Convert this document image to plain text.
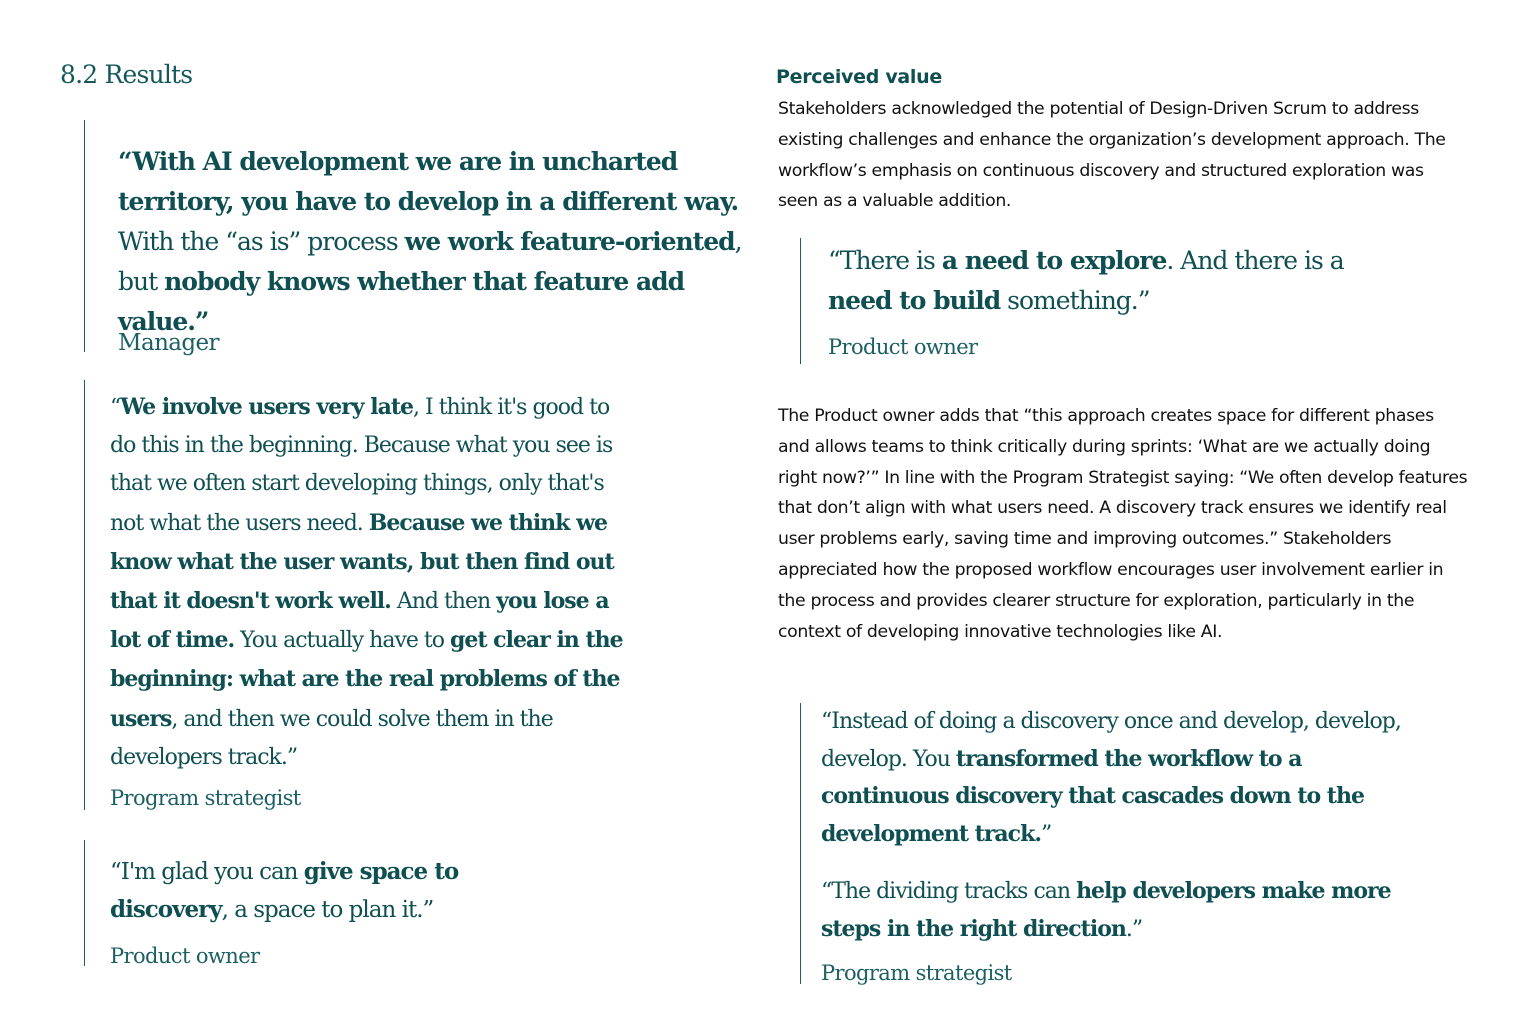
8.2 Results

“With AI development we are in uncharted territory, you have to develop in a different way. With the “as is” process we work feature-oriented, but nobody knows whether that feature add value.”

Manager

“We involve users very late, I think it's good to do this in the beginning. Because what you see is that we often start developing things, only that's not what the users need. Because we think we know what the user wants, but then find out that it doesn't work well. And then you lose a lot of time. You actually have to get clear in the beginning: what are the real problems of the users, and then we could solve them in the developers track.”

Program strategist

“I'm glad you can give space to discovery, a space to plan it.”

Product owner

Perceived value

Stakeholders acknowledged the potential of Design-Driven Scrum to address existing challenges and enhance the organization’s development approach. The workflow’s emphasis on continuous discovery and structured exploration was seen as a valuable addition.

“There is a need to explore. And there is a need to build something.”

Product owner

The Product owner adds that “this approach creates space for different phases and allows teams to think critically during sprints: ‘What are we actually doing right now?’” In line with the Program Strategist saying: “We often develop features that don’t align with what users need. A discovery track ensures we identify real user problems early, saving time and improving outcomes.” Stakeholders appreciated how the proposed workflow encourages user involvement earlier in the process and provides clearer structure for exploration, particularly in the context of developing innovative technologies like AI.

“Instead of doing a discovery once and develop, develop, develop. You transformed the workflow to a continuous discovery that cascades down to the development track.”

“The dividing tracks can help developers make more steps in the right direction.”

Program strategist
